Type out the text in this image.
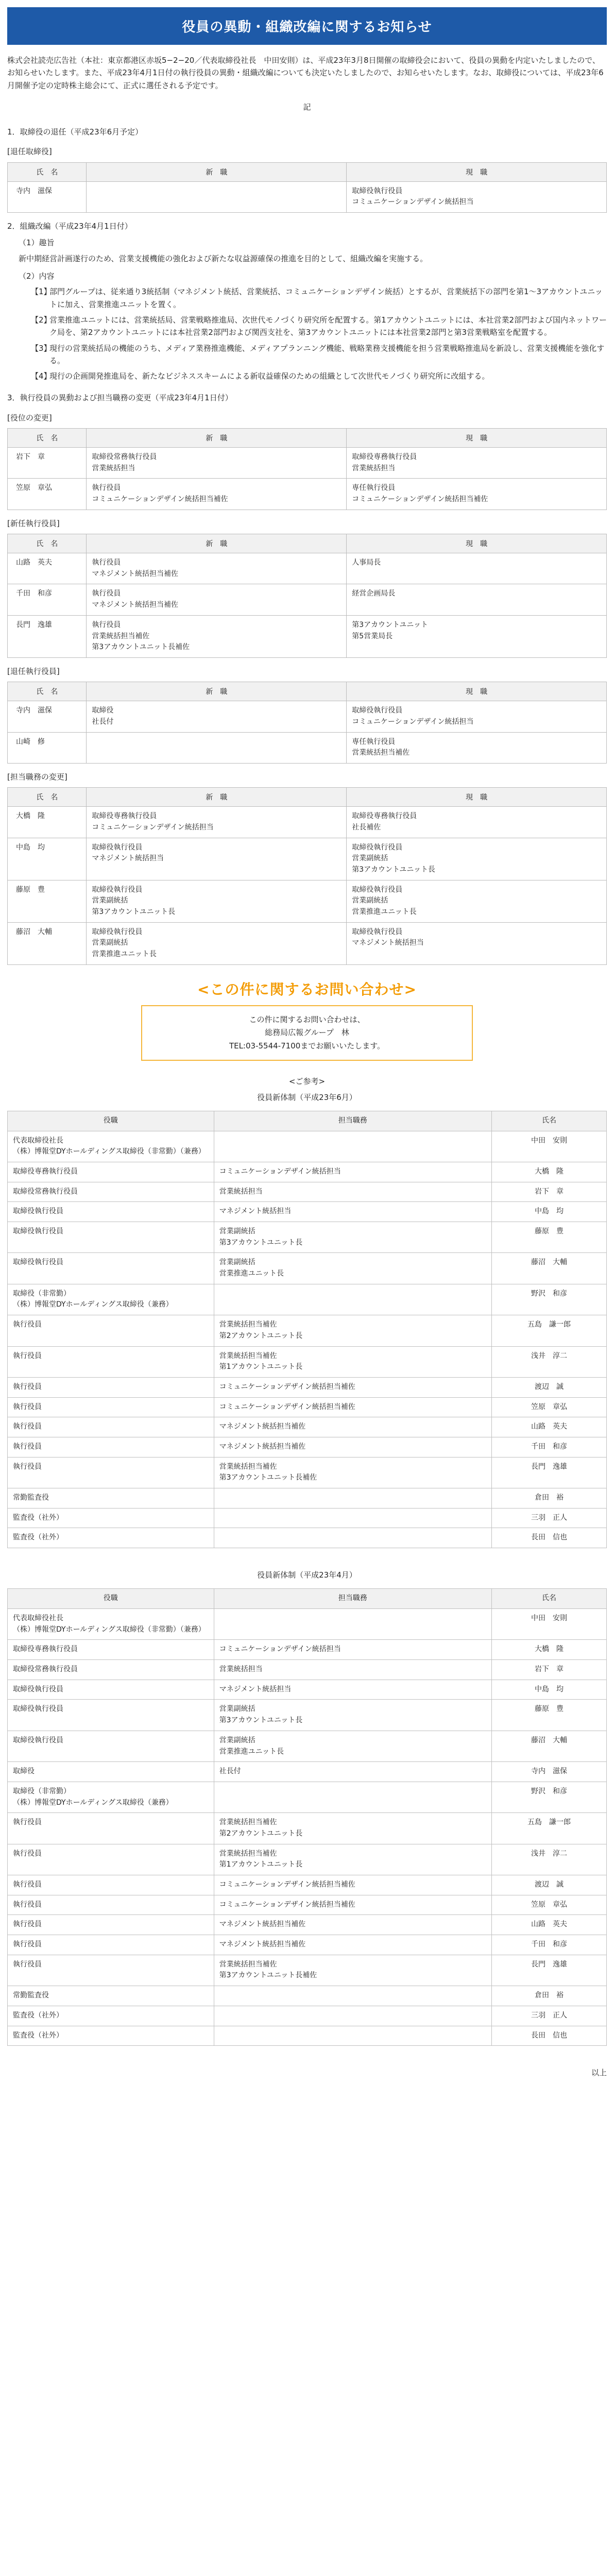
役員の異動・組織改編に関するお知らせ

株式会社読売広告社（本社：東京都港区赤坂5−2−20／代表取締役社長　中田安則）は、平成23年3月8日開催の取締役会において、役員の異動を内定いたしましたので、お知らせいたします。また、平成23年4月1日付の執行役員の異動・組織改編についても決定いたしましたので、お知らせいたします。なお、取締役については、平成23年6月開催予定の定時株主総会にて、正式に選任される予定です。

記

1．取締役の退任（平成23年6月予定）

[退任取締役]

氏　名	新　職	現　職

寺内　滋保		取締役執行役員
コミュニケーションデザイン統括担当

2．組織改編（平成23年4月1日付）

（1）趣旨

新中期経営計画遂行のため、営業支援機能の強化および新たな収益源確保の推進を目的として、組織改編を実施する。

（2）内容

【1】
部門グループは、従来通り3統括制（マネジメント統括、営業統括、コミュニケーションデザイン統括）とするが、営業統括下の部門を第1〜3アカウントユニットに加え、営業推進ユニットを置く。
【2】
営業推進ユニットには、営業統括局、営業戦略推進局、次世代モノづくり研究所を配置する。第1アカウントユニットには、本社営業2部門および国内ネットワーク局を、第2アカウントユニットには本社営業2部門および関西支社を、第3アカウントユニットには本社営業2部門と第3営業戦略室を配置する。
【3】
現行の営業統括局の機能のうち、メディア業務推進機能、メディアプランニング機能、戦略業務支援機能を担う営業戦略推進局を新設し、営業支援機能を強化する。
【4】
現行の企画開発推進局を、新たなビジネススキームによる新収益確保のための組織として次世代モノづくり研究所に改組する。

3．執行役員の異動および担当職務の変更（平成23年4月1日付）

[役位の変更]

氏　名	新　職	現　職

岩下　章	取締役常務執行役員
営業統括担当	取締役専務執行役員
営業統括担当

笠原　章弘	執行役員
コミュニケーションデザイン統括担当補佐	専任執行役員
コミュニケーションデザイン統括担当補佐

[新任執行役員]

氏　名	新　職	現　職

山路　英夫	執行役員
マネジメント統括担当補佐	人事局長

千田　和彦	執行役員
マネジメント統括担当補佐	経営企画局長

長門　逸雄	執行役員
営業統括担当補佐
第3アカウントユニット長補佐	第3アカウントユニット
第5営業局長

[退任執行役員]

氏　名	新　職	現　職

寺内　滋保	取締役
社長付	取締役執行役員
コミュニケーションデザイン統括担当

山崎　修		専任執行役員
営業統括担当補佐

[担当職務の変更]

氏　名	新　職	現　職

大橋　隆	取締役専務執行役員
コミュニケーションデザイン統括担当	取締役専務執行役員
社長補佐

中島　均	取締役執行役員
マネジメント統括担当	取締役執行役員
営業副統括
第3アカウントユニット長

藤原　豊	取締役執行役員
営業副統括
第3アカウントユニット長	取締役執行役員
営業副統括
営業推進ユニット長

藤沼　大輔	取締役執行役員
営業副統括
営業推進ユニット長	取締役執行役員
マネジメント統括担当
<この件に関するお問い合わせ>
この件に関するお問い合わせは、
総務局広報グループ　林
TEL:03-5544-7100までお願いいたします。

<ご参考>

役員新体制（平成23年6月）

役職	担当職務	氏名
代表取締役社長
（株）博報堂DYホールディングス取締役（非常勤）（兼務）		中田　安則
取締役専務執行役員	コミュニケーションデザイン統括担当	大橋　隆
取締役常務執行役員	営業統括担当	岩下　章
取締役執行役員	マネジメント統括担当	中島　均
取締役執行役員	営業副統括
第3アカウントユニット長	藤原　豊
取締役執行役員	営業副統括
営業推進ユニット長	藤沼　大輔
取締役（非常勤）
（株）博報堂DYホールディングス取締役（兼務）		野沢　和彦
執行役員	営業統括担当補佐
第2アカウントユニット長	五島　謙一郎
執行役員	営業統括担当補佐
第1アカウントユニット長	浅井　淳二
執行役員	コミュニケーションデザイン統括担当補佐	渡辺　誠
執行役員	コミュニケーションデザイン統括担当補佐	笠原　章弘
執行役員	マネジメント統括担当補佐	山路　英夫
執行役員	マネジメント統括担当補佐	千田　和彦
執行役員	営業統括担当補佐
第3アカウントユニット長補佐	長門　逸雄
常勤監査役		倉田　裕
監査役（社外）		三羽　正人
監査役（社外）		長田　信也

役員新体制（平成23年4月）

役職	担当職務	氏名
代表取締役社長
（株）博報堂DYホールディングス取締役（非常勤）（兼務）		中田　安則
取締役専務執行役員	コミュニケーションデザイン統括担当	大橋　隆
取締役常務執行役員	営業統括担当	岩下　章
取締役執行役員	マネジメント統括担当	中島　均
取締役執行役員	営業副統括
第3アカウントユニット長	藤原　豊
取締役執行役員	営業副統括
営業推進ユニット長	藤沼　大輔
取締役	社長付	寺内　滋保
取締役（非常勤）
（株）博報堂DYホールディングス取締役（兼務）		野沢　和彦
執行役員	営業統括担当補佐
第2アカウントユニット長	五島　謙一郎
執行役員	営業統括担当補佐
第1アカウントユニット長	浅井　淳二
執行役員	コミュニケーションデザイン統括担当補佐	渡辺　誠
執行役員	コミュニケーションデザイン統括担当補佐	笠原　章弘
執行役員	マネジメント統括担当補佐	山路　英夫
執行役員	マネジメント統括担当補佐	千田　和彦
執行役員	営業統括担当補佐
第3アカウントユニット長補佐	長門　逸雄
常勤監査役		倉田　裕
監査役（社外）		三羽　正人
監査役（社外）		長田　信也

以上
